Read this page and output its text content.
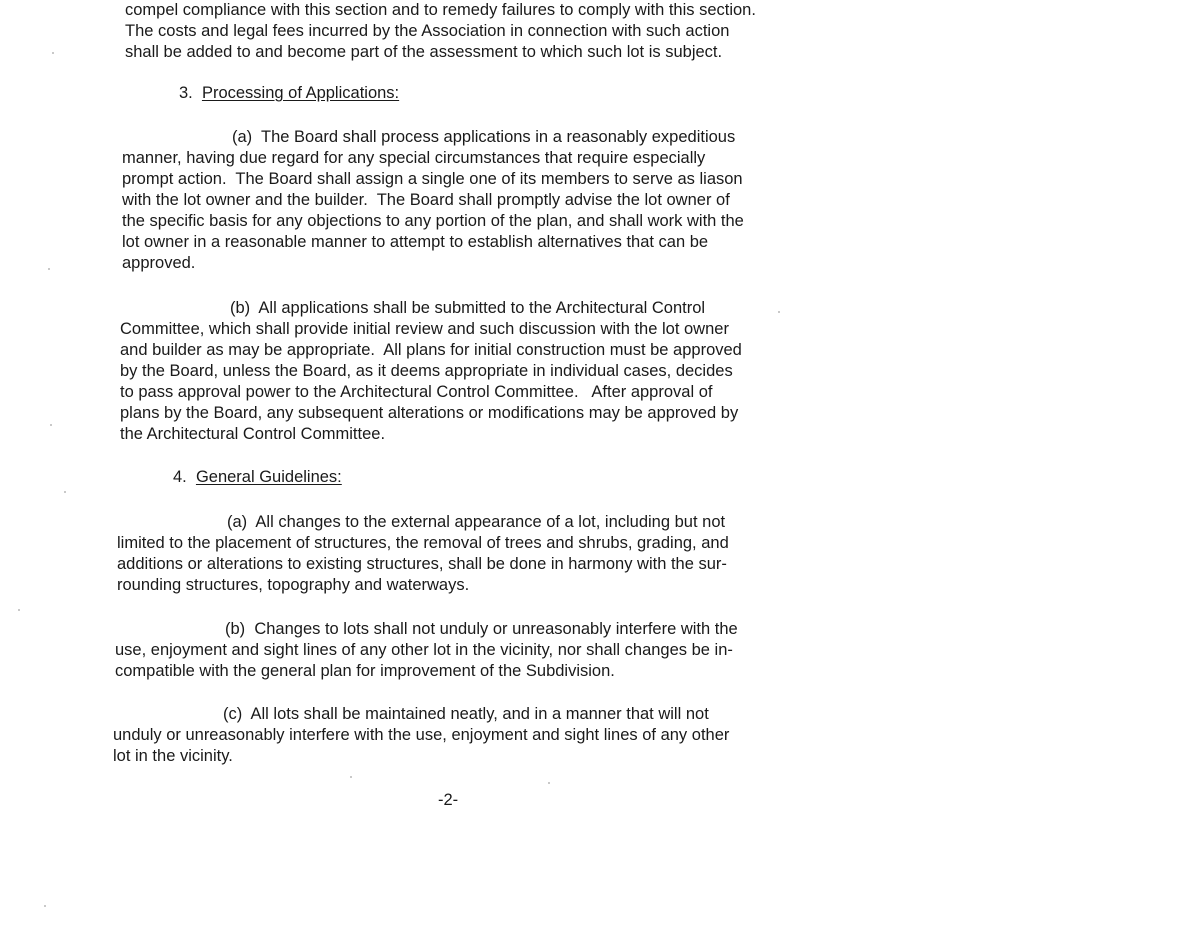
compel compliance with this section and to remedy failures to comply with this section.
The costs and legal fees incurred by the Association in connection with such action
shall be added to and become part of the assessment to which such lot is subject.
3. Processing of Applications:
(a)  The Board shall process applications in a reasonably expeditious
manner, having due regard for any special circumstances that require especially
prompt action.  The Board shall assign a single one of its members to serve as liason
with the lot owner and the builder.  The Board shall promptly advise the lot owner of
the specific basis for any objections to any portion of the plan, and shall work with the
lot owner in a reasonable manner to attempt to establish alternatives that can be
approved.
(b)  All applications shall be submitted to the Architectural Control
Committee, which shall provide initial review and such discussion with the lot owner
and builder as may be appropriate.  All plans for initial construction must be approved
by the Board, unless the Board, as it deems appropriate in individual cases, decides
to pass approval power to the Architectural Control Committee.   After approval of
plans by the Board, any subsequent alterations or modifications may be approved by
the Architectural Control Committee.
4. General Guidelines:
(a)  All changes to the external appearance of a lot, including but not
limited to the placement of structures, the removal of trees and shrubs, grading, and
additions or alterations to existing structures, shall be done in harmony with the sur-
rounding structures, topography and waterways.
(b)  Changes to lots shall not unduly or unreasonably interfere with the
use, enjoyment and sight lines of any other lot in the vicinity, nor shall changes be in-
compatible with the general plan for improvement of the Subdivision.
(c)  All lots shall be maintained neatly, and in a manner that will not
unduly or unreasonably interfere with the use, enjoyment and sight lines of any other
lot in the vicinity.
-2-
